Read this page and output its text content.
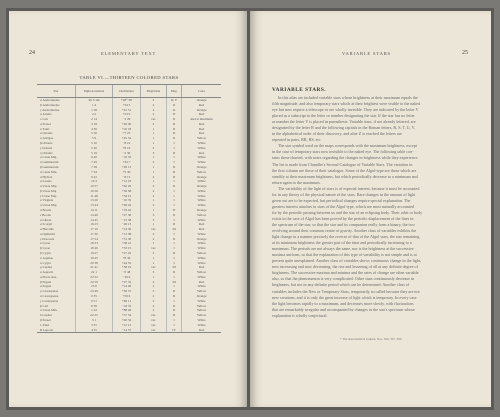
24	ELEMENTARY TEXT
TABLE VI.—THIRTEEN COLORED STARS
Star	Right Ascension	Declination	Magnitude	Mag.	Color
α Andromedae	0h 3.1m	+28° 30'	2	II, V	Orange
β Andromedae	1 4	+34 5	2	II	Red
γ Andromedae	1 58	+41 51	2	II	Orange
α Arietis	2 2	+23 0	2	II	Red
ο Ceti	2 14	−3 26	var.	II	Red at minimum
α Persei	3 18	+49 30	2	II	Red
α Tauri	4 30	+16 18	1	II	Red
α Orionis	5 50	+7 23	1	II	Red
α Aurigae	5 9	+45 54	1	II	Yellow
β Orionis	5 10	−8 19	1	I	White
γ Orionis	5 20	+6 16	2	I	White
η Orionis	5 19	−2 30	3	II	Red
α Canis Maj.	6 40	−16 35	1	I	White
α Geminorum	7 29	+32 7	2	I	White
β Geminorum	7 39	+28 13	1	II	Orange
α Canis Min.	7 34	+5 30	1	II	Yellow
α Hydrae	9 22	−8 15	2	II	Orange
α Leonis	10 3	+12 23	1	I	White
α Ursae Maj.	10 57	+62 20	2	II	Orange
β Ursae Maj.	10 56	+56 58	2	I	White
γ Ursae Maj.	11 48	+54 15	2	I	White
α Virginis	13 20	−10 35	1	I	White
η Ursae Maj.	13 44	+49 44	2	I	White
α Bootis	14 11	+19 42	1	II	Orange
ε Bootis	14 40	+27 30	3	II	Yellow
α Librae	14 45	−15 38	3	I	White
α Scorpii	16 23	−26 13	1	II	Red
α Herculis	17 10	+14 30	var.	III	Red
α Ophiuchi	17 30	+12 38	2	I	White
γ Draconis	17 54	+51 30	2	II	Orange
α Lyrae	18 33	+38 41	1	I	White
β Lyrae	18 46	+33 15	var.	I	White
β Cygni	19 27	+27 45	3	II	Yellow
α Aquilae	19 45	+8 36	1	I	White
α Cygni	20 38	+44 55	1	I	White
μ Cephei	21 41	+58 19	var.	III	Red
α Aquarii	22 1	−0 48	3	II	Yellow
α Piscis Aus.	22 52	−30 9	1	I	White
β Pegasi	22 59	+27 32	2	III	Red
α Pegasi	23 0	+14 40	2	I	White
ρ Cassiopeiae	23 49	+56 57	5	II	Yellow
α Cassiopeiae	0 35	+56 0	2	II	Orange
γ Cassiopeiae	0 51	+60 11	2	I	White
β Ceti	0 39	−18 32	2	II	Yellow
α Ursae Min.	1 22	+88 46	2	II	Yellow
δ Cephei	22 25	+57 54	var.	II	Yellow
β Persei	3 1	+40 34	var.	I	White
λ Tauri	3 55	+12 12	var.	I	White
R Leporis	4 55	−14 57	var.	IV	Red
VARIABLE STARS	25
VARIABLE STARS.
In this atlas are included variable stars whose brightness at their maximum equals the
fifth magnitude, and also temporary stars which at their brightest were visible to the naked
eye but now require a telescope or are wholly invisible. They are indicated by the letter V
placed as a subscript to the letter or number designating the star. If the star has no letter
or number the letter V is placed in parenthesis. Variable stars, if not already lettered, are
designated by the letter R and the following capitals in the Roman letters, R, S, T, U, V,
in the alphabetical order of their discovery, and after Z is reached the letters are
repeated in pairs, RR, RS, etc.
The star symbol used on the maps corresponds with the maximum brightness, except
in the case of temporary stars now invisible to the naked eye. The following table con-
tains those charted, with notes regarding the changes in brightness while they experience.
The list is made from Chandler's Second Catalogue of Variable Stars. The variation in
the first column are those of their catalogue. Some of the Algol-type are those which are
steadily at their maximum brightness, but which periodically decrease to a minimum and
return again to the maximum.
The variability of the light of stars is of especial interest, because it must be accounted
for in any theory of the physical nature of the stars. Rare changes in the amount of light
given out are to be expected, but periodical changes require special explanation. The
greatest interest attaches to stars of the Algol-type, which are most naturally accounted
for by the periodic passing between us and the star of an eclipsing body. Their orbit or body
exists in the case of Algol has been proved by the periodic displacement of the lines in
the spectrum of the star, so that the star and its companion really form a binary, the two
revolving around their common centre of gravity. Another class of variables exhibits the
light change in a manner precisely the reverse of that of the Algol stars, the star remaining
at its minimum brightness the greater part of the time and periodically increasing to a
maximum. The periods are not always the same, nor is the brightness at the successive
maxima uniform, so that the explanation of this type of variability is not simple and is at
present quite unexplained. Another class of variables shows continuous change in the light,
now increasing and now decreasing, the rise and lessening of all at any definite degree of
brightness. The successive maxima and minima and the rates of change are often variable
also, so that the phenomenon is very complicated. Other stars continuously decrease in
brightness, but not in any definite period which can be determined. Another class of
variables includes the New or Temporary Stars, temporarily so called because they are not
new creations, and it is only the great increase of light which is temporary. In every case
the light becomes rapidly to a maximum, and decreases more slowly, with fluctuations
that are remarkably irregular and accompanied by changes in the star's spectrum whose
explanation is wholly conjectural.
* The Astronomical Journal, Nos. 300, 307, 309.
